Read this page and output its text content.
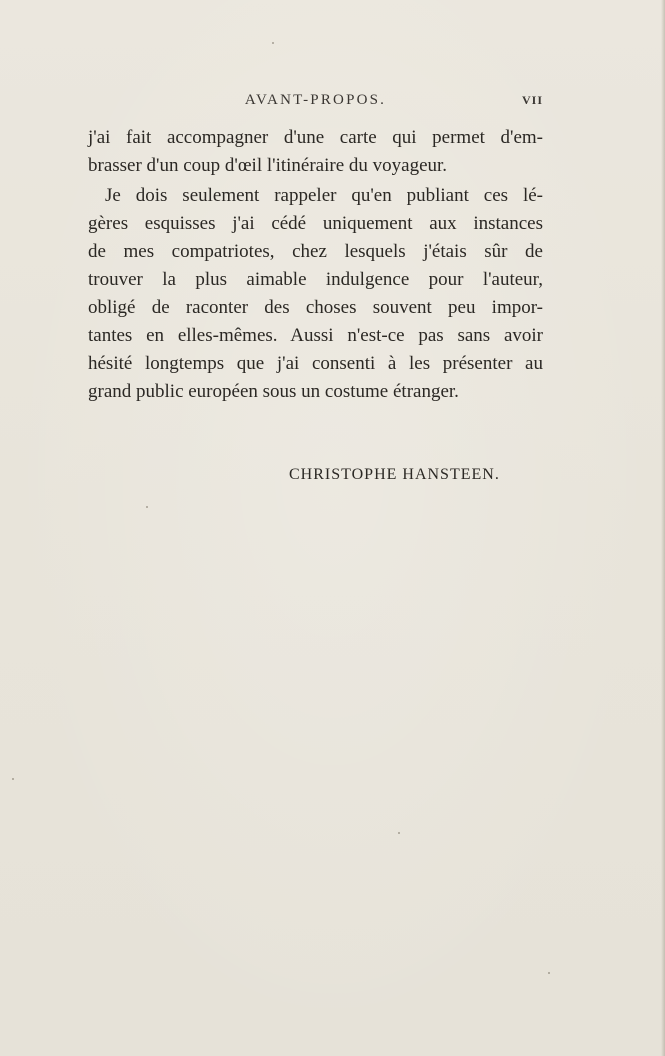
AVANT-PROPOS.	VII
j'ai fait accompagner d'une carte qui permet d'em-
brasser d'un coup d'œil l'itinéraire du voyageur.
Je dois seulement rappeler qu'en publiant ces lé-
gères esquisses j'ai cédé uniquement aux instances
de mes compatriotes, chez lesquels j'étais sûr de
trouver la plus aimable indulgence pour l'auteur,
obligé de raconter des choses souvent peu impor-
tantes en elles-mêmes. Aussi n'est-ce pas sans avoir
hésité longtemps que j'ai consenti à les présenter au
grand public européen sous un costume étranger.
CHRISTOPHE HANSTEEN.
